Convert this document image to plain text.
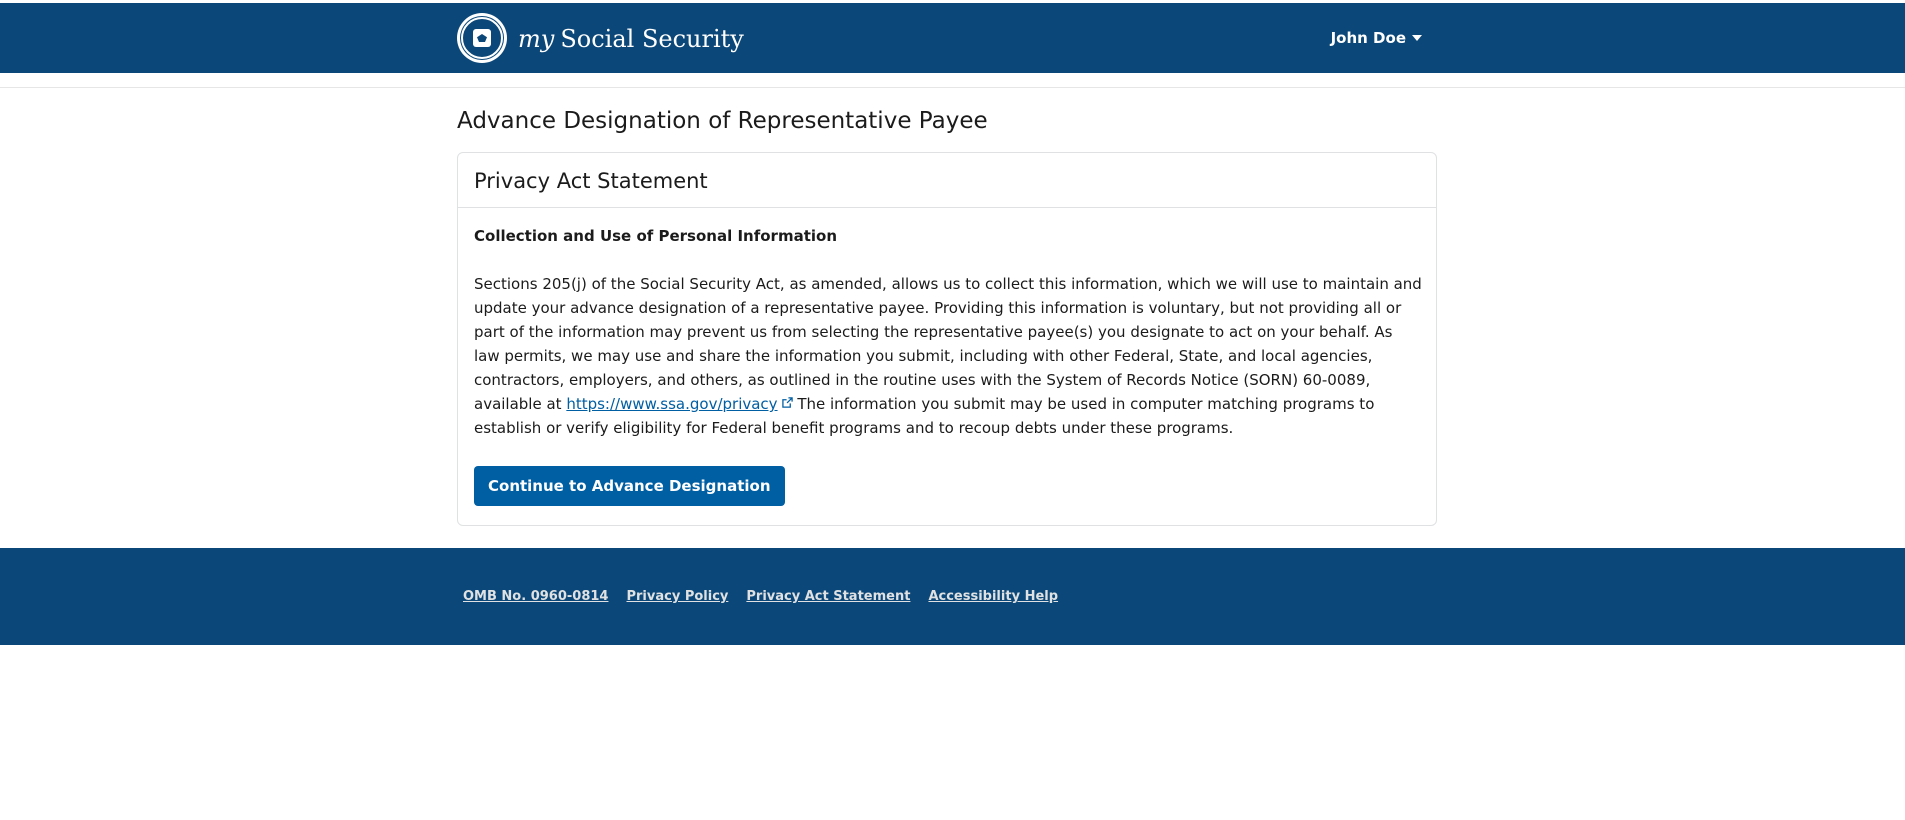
my Social Security	John Doe
Advance Designation of Representative Payee
Privacy Act Statement
Collection and Use of Personal Information

Sections 205(j) of the Social Security Act, as amended, allows us to collect this information, which we will use to maintain and update your advance designation of a representative payee. Providing this information is voluntary, but not providing all or part of the information may prevent us from selecting the representative payee(s) you designate to act on your behalf. As law permits, we may use and share the information you submit, including with other Federal, State, and local agencies, contractors, employers, and others, as outlined in the routine uses with the System of Records Notice (SORN) 60-0089, available at https://www.ssa.gov/privacy The information you submit may be used in computer matching programs to establish or verify eligibility for Federal benefit programs and to recoup debts under these programs.

Continue to Advance Designation
OMB No. 0960-0814 Privacy Policy Privacy Act Statement Accessibility Help
